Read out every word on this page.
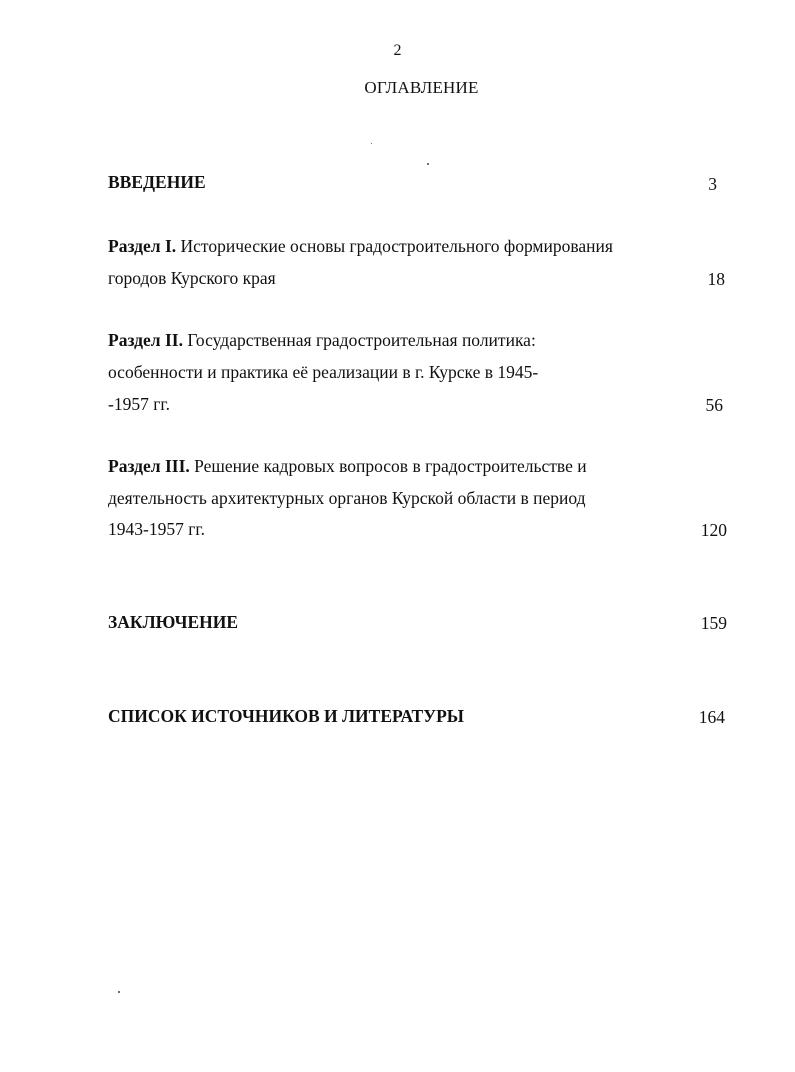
2
ОГЛАВЛЕНИЕ
ВВЕДЕНИЕ	3
Раздел I. Исторические основы градостроительного формирования
городов Курского края	18
Раздел II. Государственная градостроительная политика:
особенности и практика её реализации в г. Курске в 1945-
-1957 гг.	56
Раздел III. Решение кадровых вопросов в градостроительстве и
деятельность архитектурных органов Курской области в период
1943-1957 гг.	120
ЗАКЛЮЧЕНИЕ	159
СПИСОК ИСТОЧНИКОВ И ЛИТЕРАТУРЫ	164
